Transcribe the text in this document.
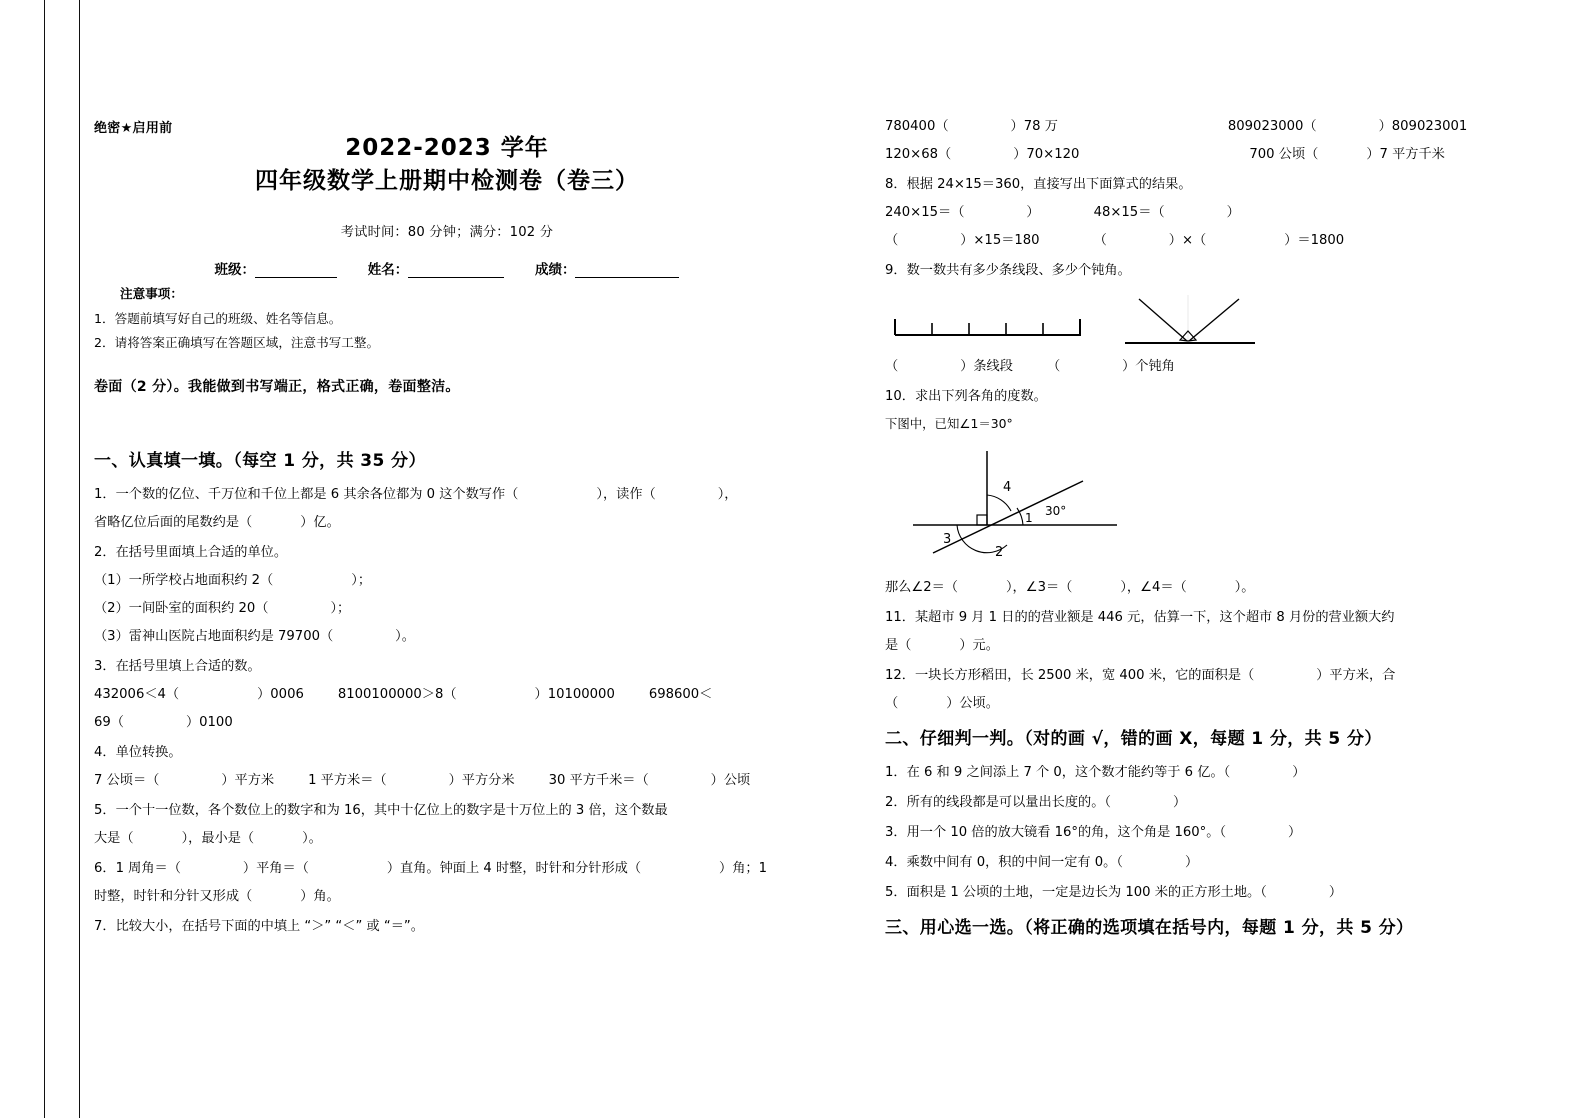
绝密★启用前
2022-2023 学年
四年级数学上册期中检测卷（卷三）
考试时间：80 分钟；满分：102 分
班级：	姓名：	成绩：
注意事项：
1．答题前填写好自己的班级、姓名等信息。
2．请将答案正确填写在答题区域，注意书写工整。
卷面（2 分）。我能做到书写端正，格式正确，卷面整洁。
一、认真填一填。（每空 1 分，共 35 分）
1．一个数的亿位、千万位和千位上都是 6 其余各位都为 0 这个数写作（	），读作（	），
省略亿位后面的尾数约是（	）亿。
2．在括号里面填上合适的单位。
（1）一所学校占地面积约 2（	）；
（2）一间卧室的面积约 20（	）；
（3）雷神山医院占地面积约是 79700（	）。
3．在括号里填上合适的数。
432006＜4（	）0006	8100100000＞8（	）10100000	698600＜
69（	）0100
4．单位转换。
7 公顷＝（	）平方米	1 平方米＝（	）平方分米	30 平方千米＝（	）公顷
5．一个十一位数，各个数位上的数字和为 16，其中十亿位上的数字是十万位上的 3 倍，这个数最
大是（	），最小是（	）。
6．1 周角＝（	）平角＝（	）直角。钟面上 4 时整，时针和分针形成（	）角；1
时整，时针和分针又形成（	）角。
7．比较大小，在括号下面的中填上 “＞” “＜” 或 “＝”。
780400（	）78 万	809023000（	）809023001
120×68（	）70×120	700 公顷（	）7 平方千米
8．根据 24×15＝360，直接写出下面算式的结果。
240×15＝（	）	48×15＝（	）
（	）×15＝180	（	）×（	）＝1800
9．数一数共有多少条线段、多少个钝角。
（	）条线段	（	）个钝角
10．求出下列各角的度数。
下图中，已知∠1＝30°
4
1 30°
3
2
那么∠2＝（	），∠3＝（	），∠4＝（	）。
11．某超市 9 月 1 日的的营业额是 446 元，估算一下，这个超市 8 月份的营业额大约
是（	）元。
12．一块长方形稻田，长 2500 米，宽 400 米，它的面积是（	）平方米，合
（	）公顷。
二、仔细判一判。（对的画 √，错的画 X，每题 1 分，共 5 分）
1．在 6 和 9 之间添上 7 个 0，这个数才能约等于 6 亿。（	）
2．所有的线段都是可以量出长度的。（	）
3．用一个 10 倍的放大镜看 16°的角，这个角是 160°。（	）
4．乘数中间有 0，积的中间一定有 0。（	）
5．面积是 1 公顷的土地，一定是边长为 100 米的正方形土地。（	）
三、用心选一选。（将正确的选项填在括号内，每题 1 分，共 5 分）
